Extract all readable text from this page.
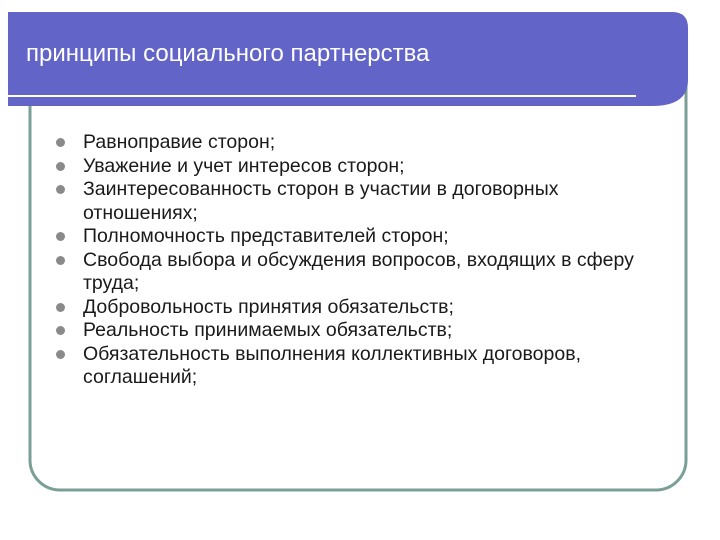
принципы социального партнерства
Равноправие сторон;
Уважение и учет интересов сторон;
Заинтересованность сторон в участии в договорных отношениях;
Полномочность представителей сторон;
Свобода выбора и обсуждения вопросов, входящих в сферу труда;
Добровольность принятия обязательств;
Реальность принимаемых обязательств;
Обязательность выполнения коллективных договоров, соглашений;
